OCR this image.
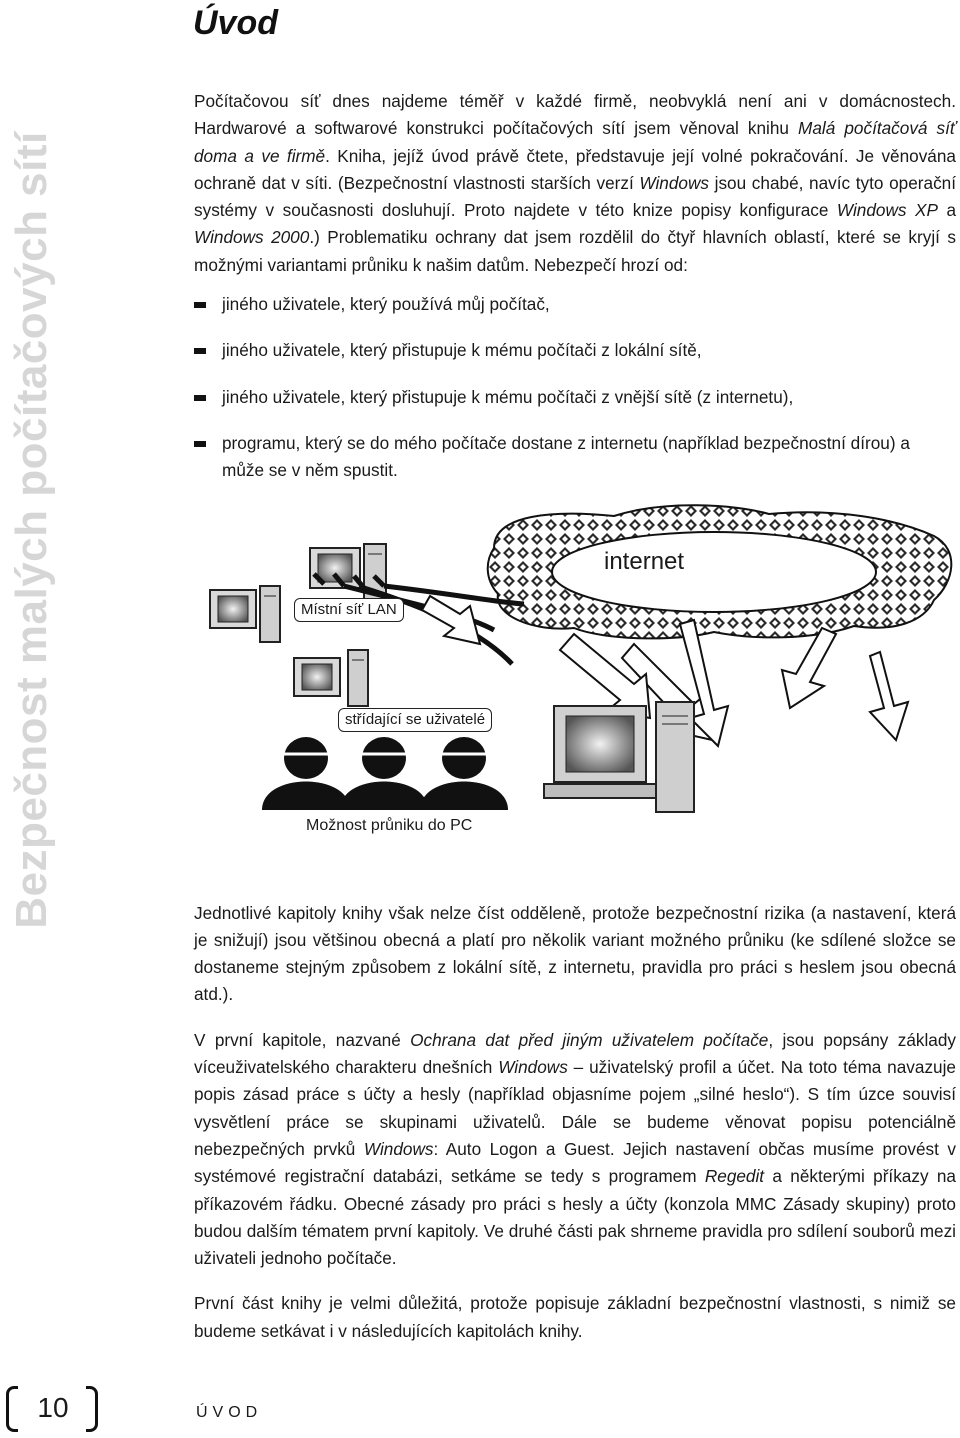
Bezpečnost malých počítačových sítí
Úvod

Počítačovou síť dnes najdeme téměř v každé firmě, neobvyklá není ani v domácnostech. Hardwarové a softwarové konstrukci počítačových sítí jsem věnoval knihu Malá počítačová síť doma a ve firmě. Kniha, jejíž úvod právě čtete, představuje její volné pokračování. Je věnována ochraně dat v síti. (Bezpečnostní vlastnosti starších verzí Windows jsou chabé, navíc tyto operační systémy v současnosti dosluhují. Proto najdete v této knize popisy konfigurace Windows XP a Windows 2000.) Problematiku ochrany dat jsem rozdělil do čtyř hlavních oblastí, které se kryjí s možnými variantami průniku k našim datům. Nebezpečí hrozí od:

jiného uživatele, který používá můj počítač,
jiného uživatele, který přistupuje k mému počítači z lokální sítě,
jiného uživatele, který přistupuje k mému počítači z vnější sítě (z internetu),
programu, který se do mého počítače dostane z internetu (například bezpečnostní dírou) a může se v něm spustit.
internet
Místní síť LAN
střídající se uživatelé
Možnost průniku do PC

Jednotlivé kapitoly knihy však nelze číst odděleně, protože bezpečnostní rizika (a nastavení, která je snižují) jsou většinou obecná a platí pro několik variant možného průniku (ke sdílené složce se dostaneme stejným způsobem z lokální sítě, z internetu, pravidla pro práci s heslem jsou obecná atd.).

V první kapitole, nazvané Ochrana dat před jiným uživatelem počítače, jsou popsány základy víceuživatelského charakteru dnešních Windows – uživatelský profil a účet. Na toto téma navazuje popis zásad práce s účty a hesly (například objasníme pojem „silné heslo“). S tím úzce souvisí vysvětlení práce se skupinami uživatelů. Dále se budeme věnovat popisu potenciálně nebezpečných prvků Windows: Auto Logon a Guest. Jejich nastavení občas musíme provést v systémové registrační databázi, setkáme se tedy s programem Regedit a některými příkazy na příkazovém řádku. Obecné zásady pro práci s hesly a účty (konzola MMC Zásady skupiny) proto budou dalším tématem první kapitoly. Ve druhé části pak shrneme pravidla pro sdílení souborů mezi uživateli jednoho počítače.

První část knihy je velmi důležitá, protože popisuje základní bezpečnostní vlastnosti, s nimiž se budeme setkávat i v následujících kapitolách knihy.

10	ÚVOD
